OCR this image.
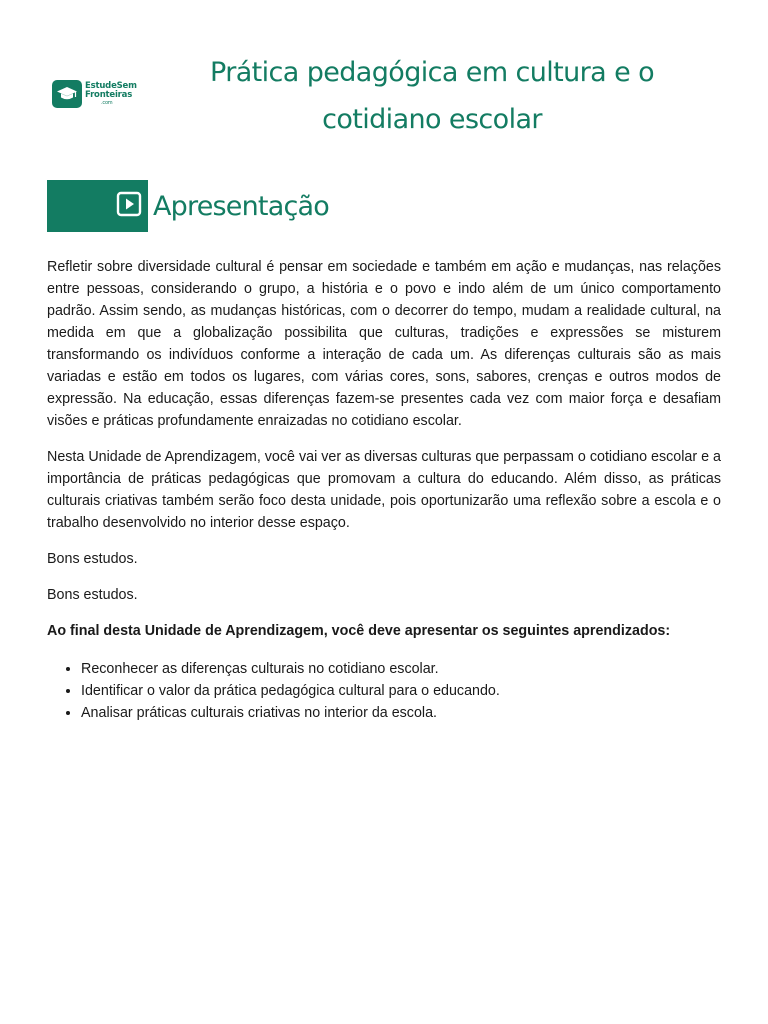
EstudeSem
Fronteiras
.com
Prática pedagógica em cultura e o
cotidiano escolar
Apresentação

Refletir sobre diversidade cultural é pensar em sociedade e também em ação e mudanças, nas relações entre pessoas, considerando o grupo, a história e o povo e indo além de um único comportamento padrão. Assim sendo, as mudanças históricas, com o decorrer do tempo, mudam a realidade cultural, na medida em que a globalização possibilita que culturas, tradições e expressões se misturem transformando os indivíduos conforme a interação de cada um. As diferenças culturais são as mais variadas e estão em todos os lugares, com várias cores, sons, sabores, crenças e outros modos de expressão. Na educação, essas diferenças fazem-se presentes cada vez com maior força e desafiam visões e práticas profundamente enraizadas no cotidiano escolar.

Nesta Unidade de Aprendizagem, você vai ver as diversas culturas que perpassam o cotidiano escolar e a importância de práticas pedagógicas que promovam a cultura do educando. Além disso, as práticas culturais criativas também serão foco desta unidade, pois oportunizarão uma reflexão sobre a escola e o trabalho desenvolvido no interior desse espaço.

Bons estudos.

Bons estudos.

Ao final desta Unidade de Aprendizagem, você deve apresentar os seguintes aprendizados:

• Reconhecer as diferenças culturais no cotidiano escolar.
• Identificar o valor da prática pedagógica cultural para o educando.
• Analisar práticas culturais criativas no interior da escola.
